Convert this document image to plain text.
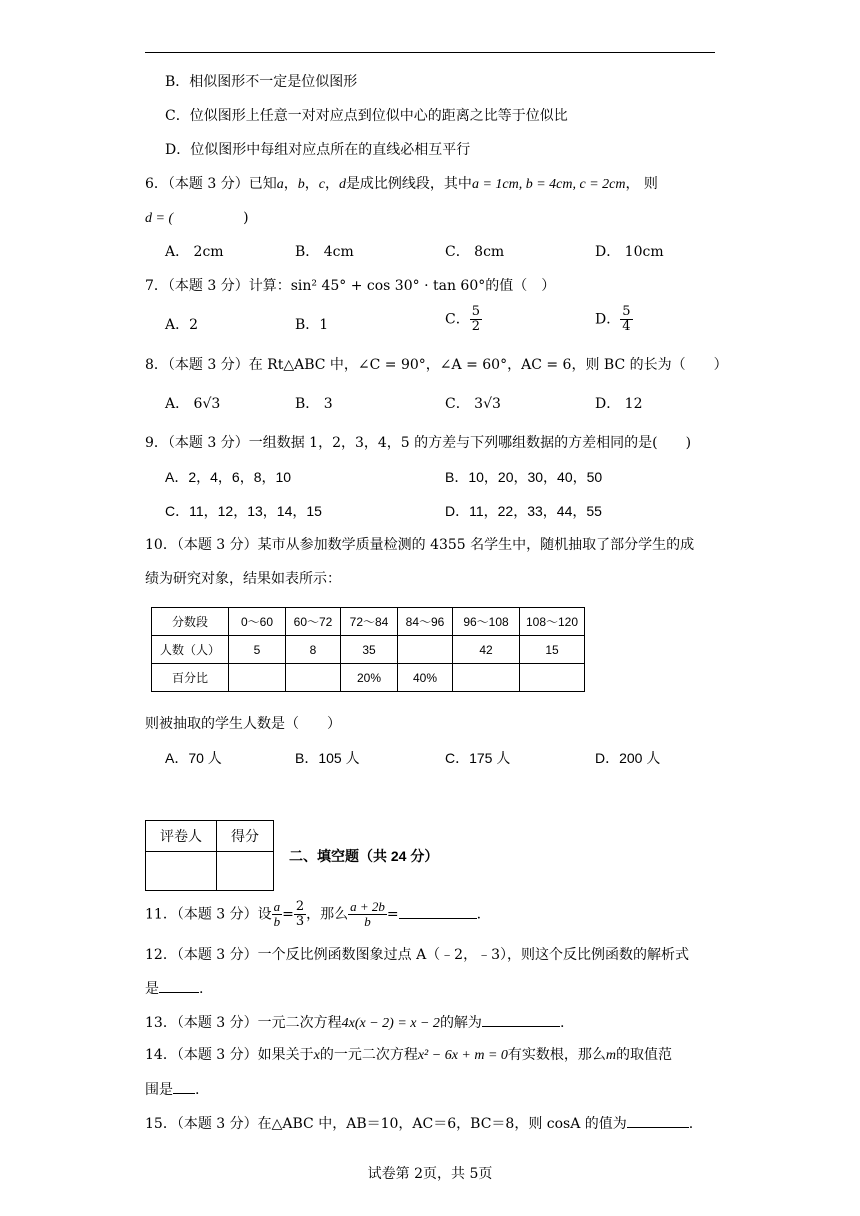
B．相似图形不一定是位似图形
C．位似图形上任意一对对应点到位似中心的距离之比等于位似比
D．位似图形中每组对应点所在的直线必相互平行
6．（本题 3 分）已知a，b，c，d是成比例线段，其中a = 1cm, b = 4cm, c = 2cm， 则
d = (	)
A． 2cm	B． 4cm	C． 8cm	D． 10cm
7．（本题 3 分）计算：sin² 45° + cos 30° · tan 60°的值（　）
A．2	B．1	C． $\frac{5}{2}$	D． $\frac{5}{4}$
8．（本题 3 分）在 Rt△ABC 中，∠C = 90°，∠A = 60°，AC = 6，则 BC 的长为（　　）
A． 6√3	B． 3	C． 3√3	D． 12
9．（本题 3 分）一组数据 1，2，3，4，5 的方差与下列哪组数据的方差相同的是(　　)
A．2，4，6，8，10	B．10，20，30，40，50
C．11，12，13，14，15	D．11，22，33，44，55
10．（本题 3 分）某市从参加数学质量检测的 4355 名学生中，随机抽取了部分学生的成
绩为研究对象，结果如表所示：
分数段	0～60	60～72	72～84	84～96	96～108	108～120
人数（人）	5	8	35		42	15
百分比			20%	40%		
则被抽取的学生人数是（　　）
A．70 人	B．105 人	C．175 人	D．200 人
评卷人	得分

二、填空题（共 24 分）
11．（本题 3 分）设 $\frac{a}{b} = \frac{2}{3}$ ，那么 $\frac{a + 2b}{b}$ =	.
12．（本题 3 分）一个反比例函数图象过点 A（﹣2，﹣3），则这个反比例函数的解析式
是	.
13．（本题 3 分）一元二次方程4x(x − 2) = x − 2的解为	.
14．（本题 3 分）如果关于x的一元二次方程x² − 6x + m = 0有实数根，那么m的取值范
围是 .
15．（本题 3 分）在△ABC 中，AB＝10，AC＝6，BC＝8，则 cosA 的值为	.
试卷第 2页，共 5页
